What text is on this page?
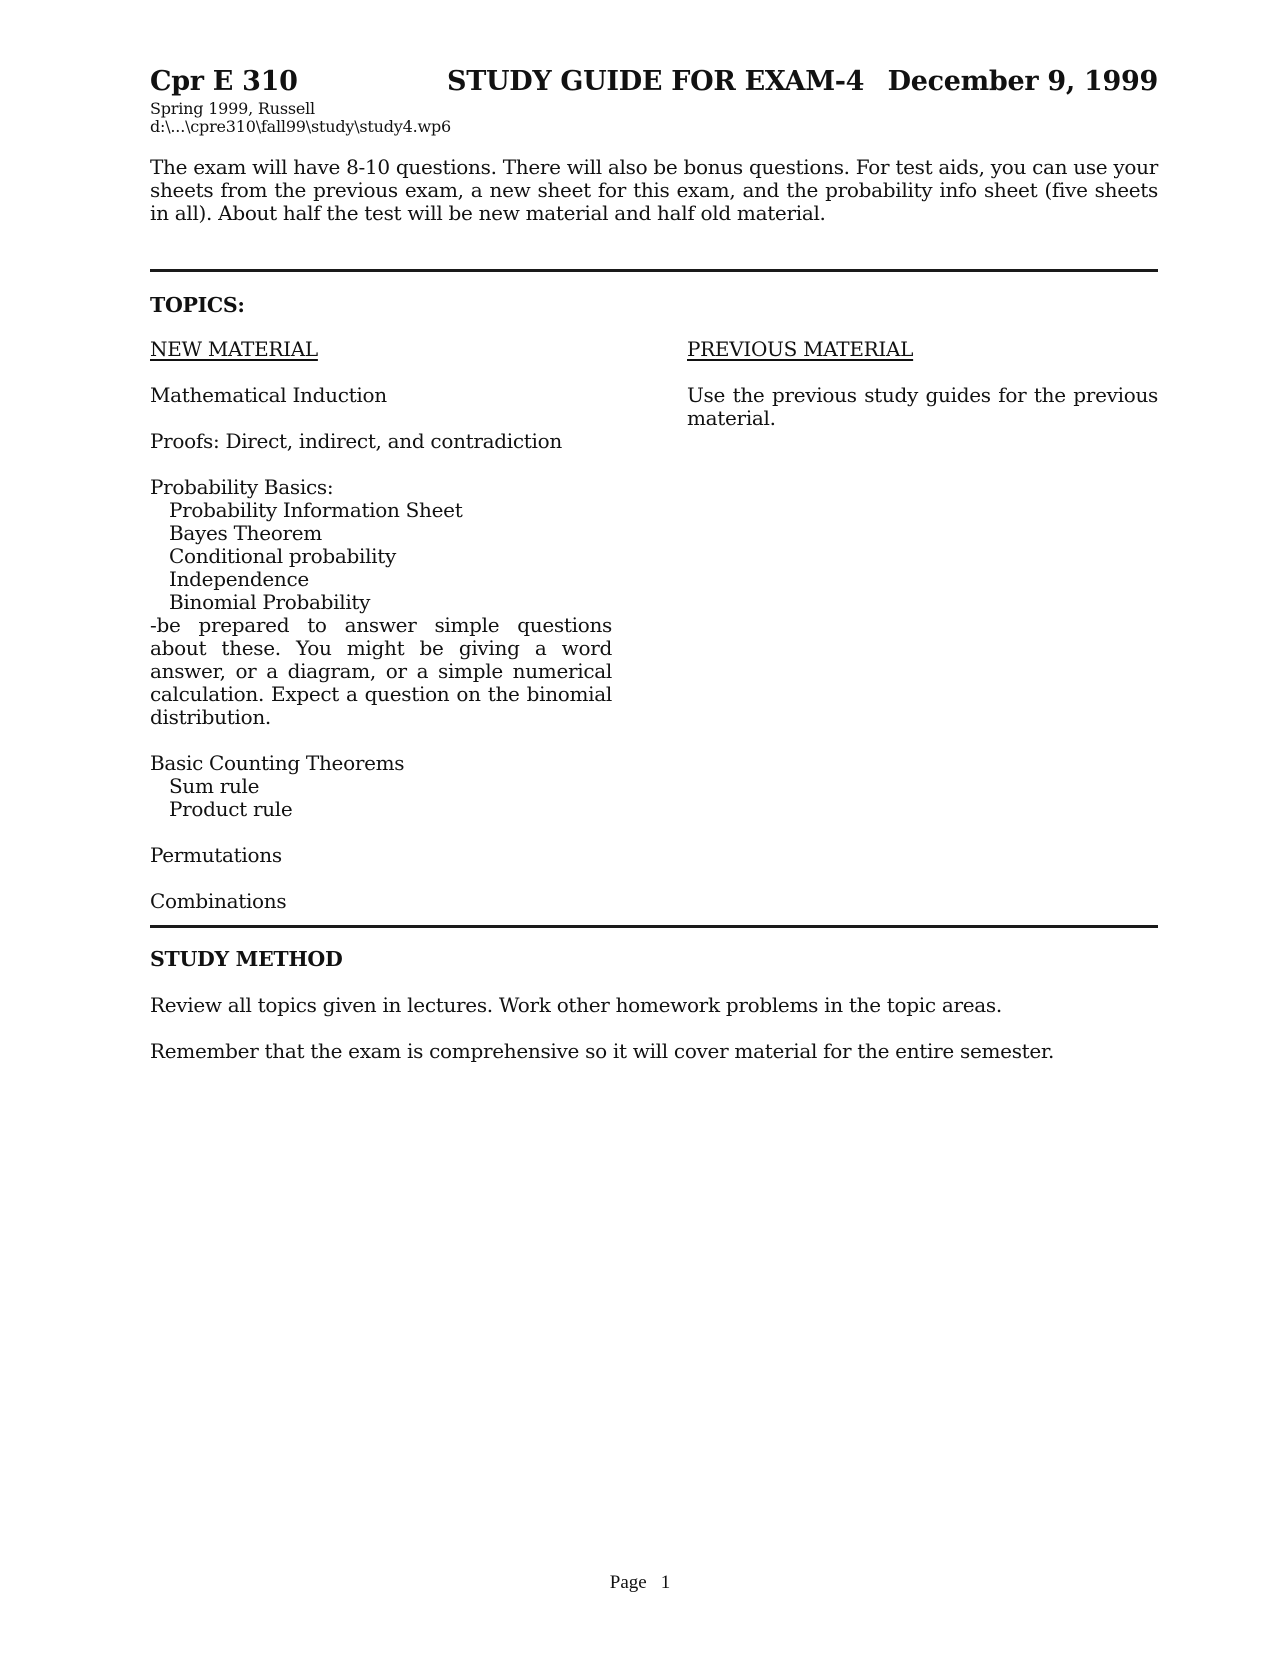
Cpr E 310	STUDY GUIDE FOR EXAM-4 December 9, 1999
Spring 1999, Russell
d:\...\cpre310\fall99\study\study4.wp6
The exam will have 8-10 questions. There will also be bonus questions. For test aids, you can use your sheets from the previous exam, a new sheet for this exam, and the probability info sheet (five sheets in all). About half the test will be new material and half old material.
TOPICS:
NEW MATERIAL
Mathematical Induction
Proofs: Direct, indirect, and contradiction
Probability Basics:
Probability Information Sheet
Bayes Theorem
Conditional probability
Independence
Binomial Probability
-be prepared to answer simple questions about these. You might be giving a word answer, or a diagram, or a simple numerical calculation. Expect a question on the binomial distribution.
Basic Counting Theorems
Sum rule
Product rule
Permutations
Combinations
PREVIOUS MATERIAL
Use the previous study guides for the previous material.
STUDY METHOD
Review all topics given in lectures. Work other homework problems in the topic areas.
Remember that the exam is comprehensive so it will cover material for the entire semester.
Page 1
